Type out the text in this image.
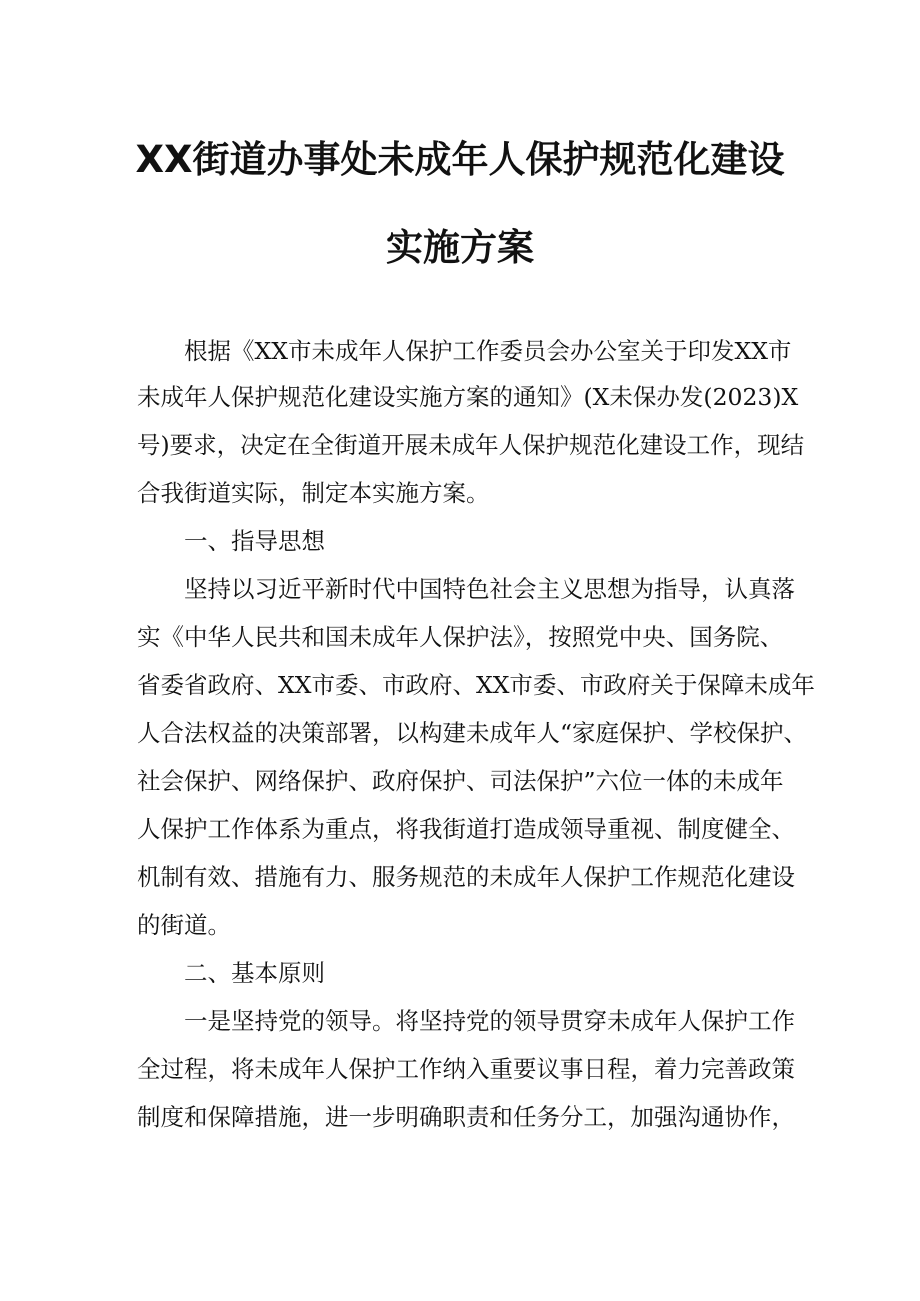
XX街道办事处未成年人保护规范化建设
实施方案
根据《XX市未成年人保护工作委员会办公室关于印发XX市
未成年人保护规范化建设实施方案的通知》(X未保办发(2023)X
号)要求，决定在全街道开展未成年人保护规范化建设工作，现结
合我街道实际，制定本实施方案。
一、指导思想
坚持以习近平新时代中国特色社会主义思想为指导，认真落
实《中华人民共和国未成年人保护法》，按照党中央、国务院、
省委省政府、XX市委、市政府、XX市委、市政府关于保障未成年
人合法权益的决策部署，以构建未成年人“家庭保护、学校保护、
社会保护、网络保护、政府保护、司法保护”六位一体的未成年
人保护工作体系为重点，将我街道打造成领导重视、制度健全、
机制有效、措施有力、服务规范的未成年人保护工作规范化建设
的街道。
二、基本原则
一是坚持党的领导。将坚持党的领导贯穿未成年人保护工作
全过程，将未成年人保护工作纳入重要议事日程，着力完善政策
制度和保障措施，进一步明确职责和任务分工，加强沟通协作，
